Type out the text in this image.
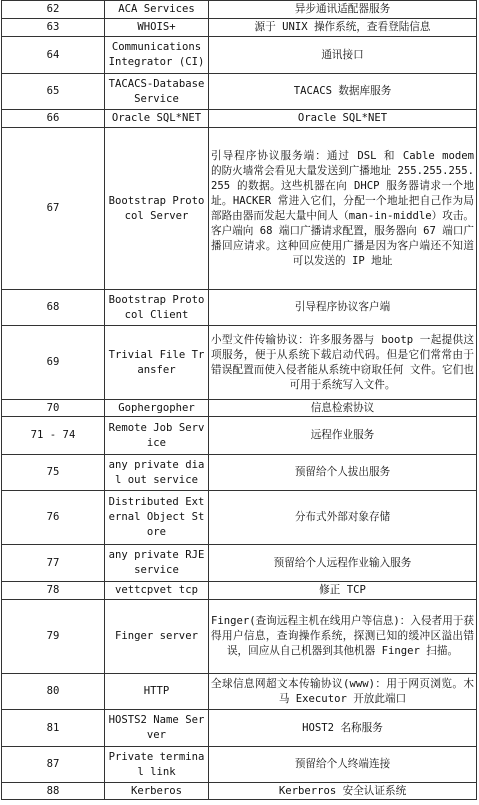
62	ACA Services	异步通讯适配器服务
63	WHOIS+	源于 UNIX 操作系统，查看登陆信息
64	Communications Integrator (CI)	通讯接口
65	TACACS-Database Service	TACACS 数据库服务
66	Oracle SQL*NET	Oracle SQL*NET
67	Bootstrap Protocol Server	引导程序协议服务端：通过 DSL 和 Cable modem 的防火墙常会看见大量发送到广播地址 255.255.255.255 的数据。这些机器在向 DHCP 服务器请求一个地址。HACKER 常进入它们，分配一个地址把自己作为局部路由器而发起大量中间人（man-in-middle）攻击。客户端向 68 端口广播请求配置，服务器向 67 端口广播回应请求。这种回应使用广播是因为客户端还不知道可以发送的 IP 地址
68	Bootstrap Protocol Client	引导程序协议客户端
69	Trivial File Transfer	小型文件传输协议：许多服务器与 bootp 一起提供这项服务，便于从系统下载启动代码。但是它们常常由于错误配置而使入侵者能从系统中窃取任何 文件。它们也可用于系统写入文件。
70	Gophergopher	信息检索协议
71 - 74	Remote Job Service	远程作业服务
75	any private dial out service	预留给个人拔出服务
76	Distributed External Object Store	分布式外部对象存储
77	any private RJE service	预留给个人远程作业输入服务
78	vettcpvet tcp	修正 TCP
79	Finger server	Finger(查询远程主机在线用户等信息)：入侵者用于获得用户信息，查询操作系统，探测已知的缓冲区溢出错误，回应从自己机器到其他机器 Finger 扫描。
80	HTTP	全球信息网超文本传输协议(www)：用于网页浏览。木马 Executor 开放此端口
81	HOSTS2 Name Server	HOST2 名称服务
87	Private terminal link	预留给个人终端连接
88	Kerberos	Kerberros 安全认证系统
